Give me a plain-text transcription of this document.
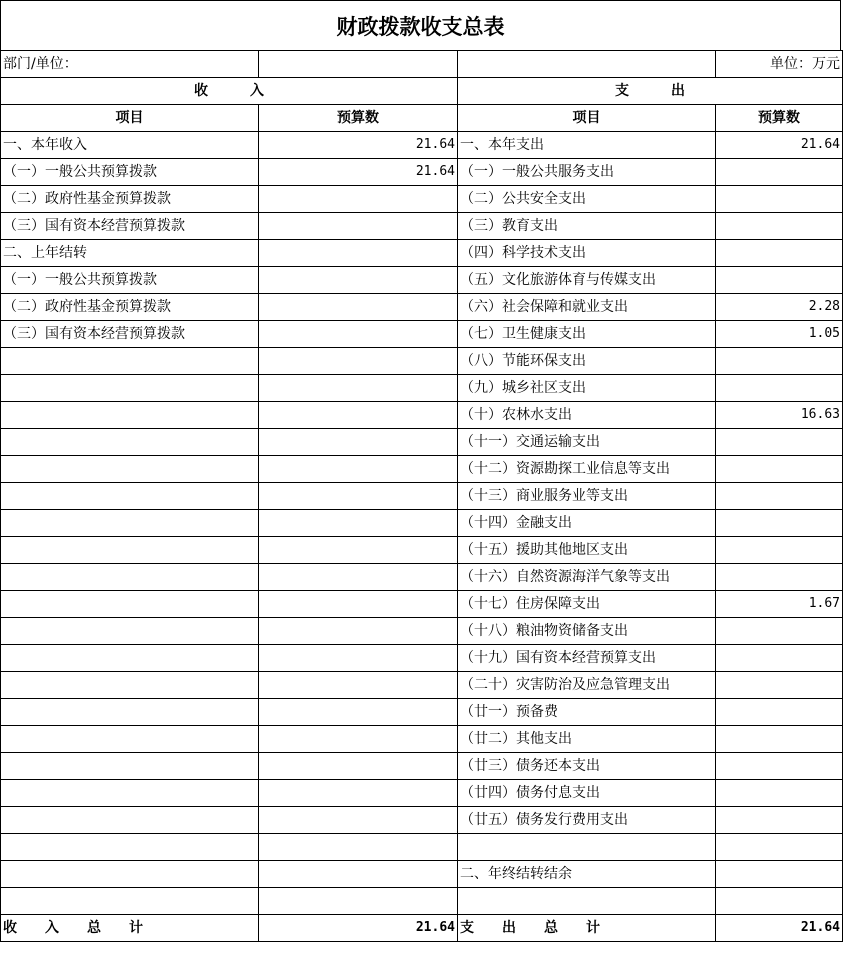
财政拨款收支总表
部门/单位：			单位：万元
收　　　入		支　　　出	
项目	预算数	项目	预算数
一、本年收入	21.64	一、本年支出	21.64
（一）一般公共预算拨款	21.64	（一）一般公共服务支出	
（二）政府性基金预算拨款		（二）公共安全支出	
（三）国有资本经营预算拨款		（三）教育支出	
二、上年结转		（四）科学技术支出	
（一）一般公共预算拨款		（五）文化旅游体育与传媒支出	
（二）政府性基金预算拨款		（六）社会保障和就业支出	2.28
（三）国有资本经营预算拨款		（七）卫生健康支出	1.05
		（八）节能环保支出	
		（九）城乡社区支出	
		（十）农林水支出	16.63
		（十一）交通运输支出	
		（十二）资源勘探工业信息等支出	
		（十三）商业服务业等支出	
		（十四）金融支出	
		（十五）援助其他地区支出	
		（十六）自然资源海洋气象等支出	
		（十七）住房保障支出	1.67
		（十八）粮油物资储备支出	
		（十九）国有资本经营预算支出	
		（二十）灾害防治及应急管理支出	
		（廿一）预备费	
		（廿二）其他支出	
		（廿三）债务还本支出	
		（廿四）债务付息支出	
		（廿五）债务发行费用支出	

		二、年终结转结余	

收　　入　　总　　计	21.64	支　　出　　总　　计	21.64
